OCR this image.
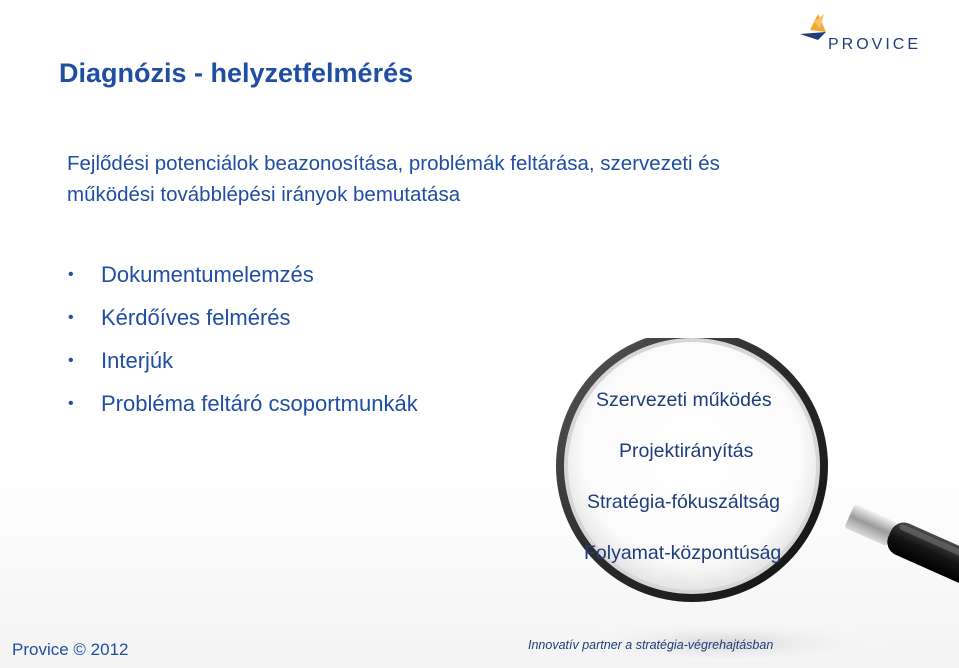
PROVICE
Diagnózis - helyzetfelmérés
Fejlődési potenciálok beazonosítása, problémák feltárása, szervezeti és
működési továbblépési irányok bemutatása
• Dokumentumelemzés
• Kérdőíves felmérés
• Interjúk
• Probléma feltáró csoportmunkák	Szervezeti működés
Projektirányítás
Stratégia-fókuszáltság
Folyamat-központúság
Provice © 2012	Innovatív partner a stratégia-végrehajtásban
